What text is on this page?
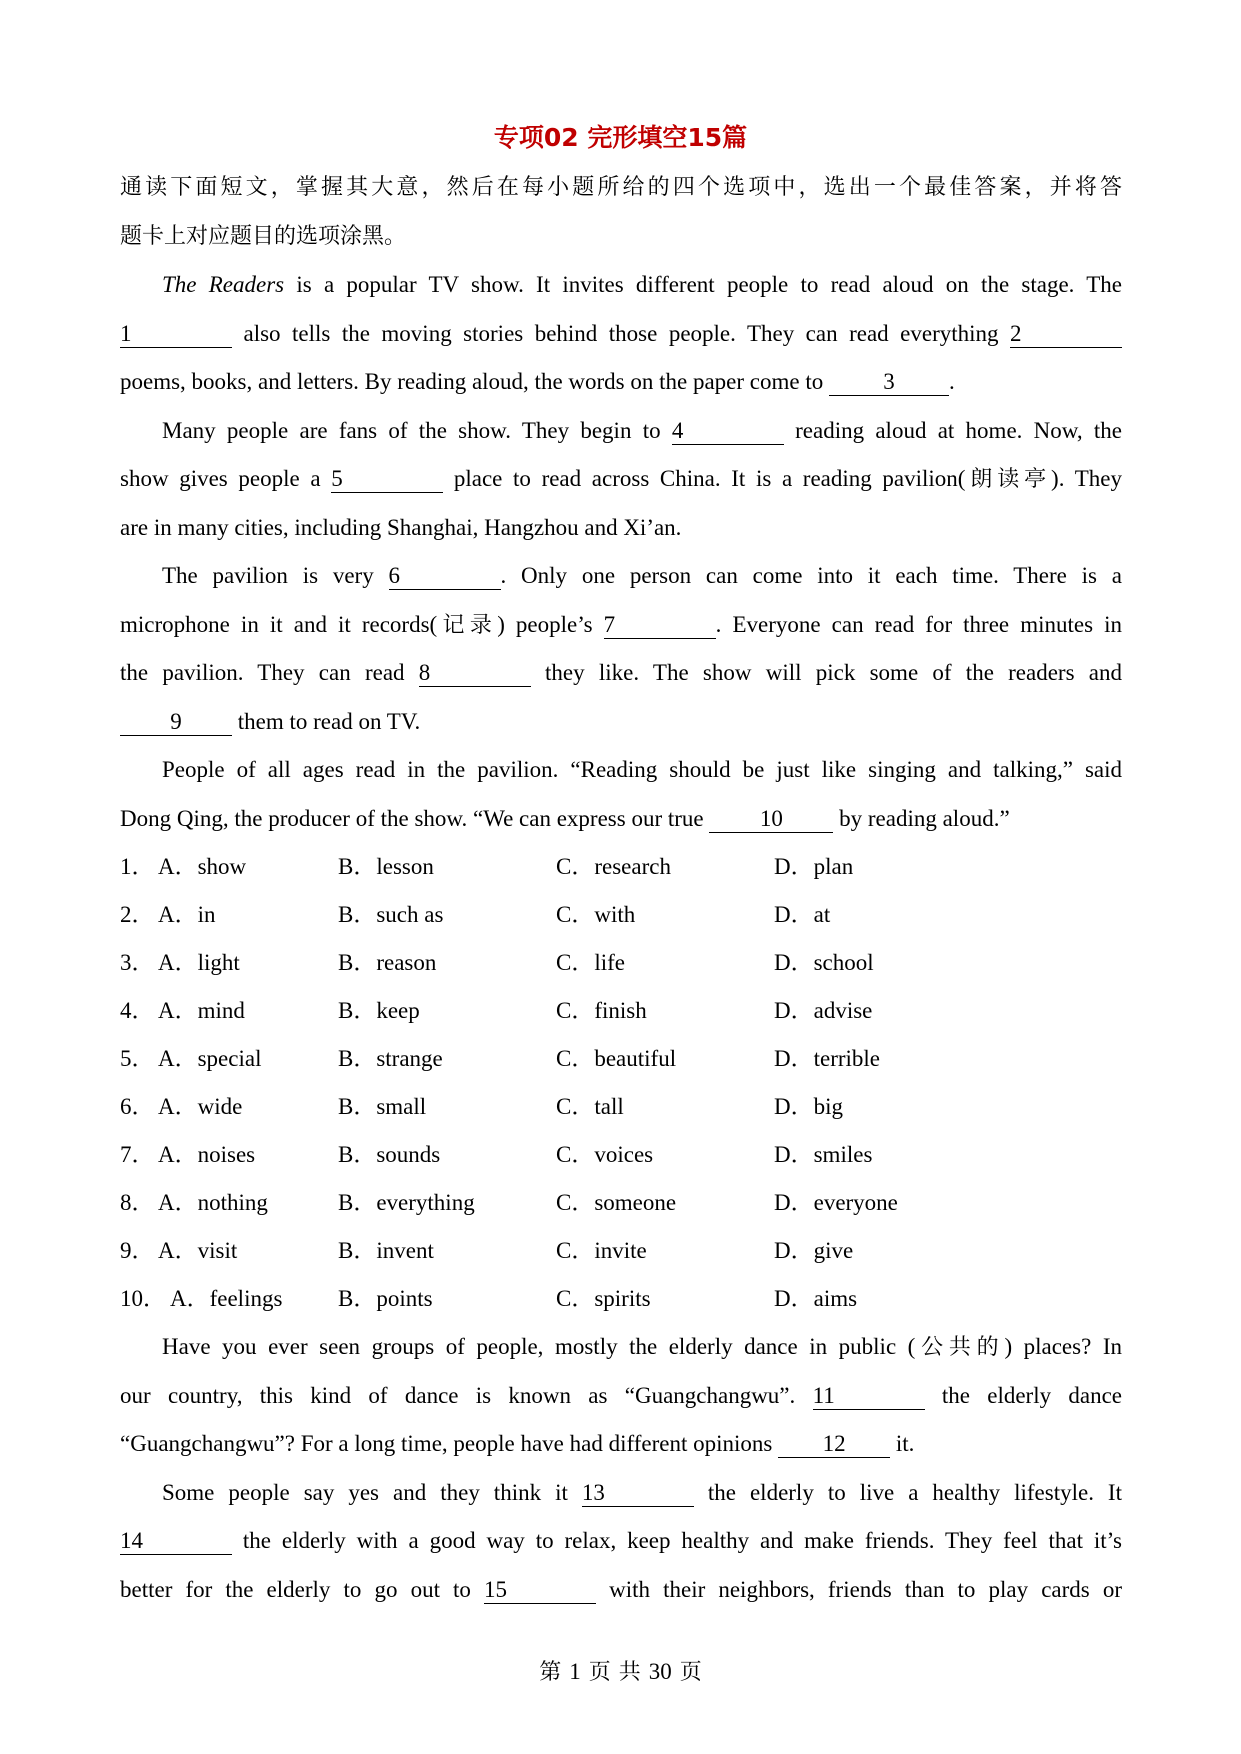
专项02 完形填空15篇
通读下面短文，掌握其大意，然后在每小题所给的四个选项中，选出一个最佳答案，并将答
题卡上对应题目的选项涂黑。
The Readers is a popular TV show. It invites different people to read aloud on the stage. The
1	also tells the moving stories behind those people. They can read everything 2
poems, books, and letters. By reading aloud, the words on the paper come to 3 .
Many people are fans of the show. They begin to 4	reading aloud at home. Now, the
show gives people a 5	place to read across China. It is a reading pavilion(朗读亭). They
are in many cities, including Shanghai, Hangzhou and Xi’an.
The pavilion is very 6	. Only one person can come into it each time. There is a
microphone in it and it records(记录) people’s 7	. Everyone can read for three minutes in
the pavilion. They can read 8	they like. The show will pick some of the readers and
9 them to read on TV.
People of all ages read in the pavilion. “Reading should be just like singing and talking,” said
Dong Qing, the producer of the show. “We can express our true 10 by reading aloud.”
1． A．show	B．lesson	C．research	D．plan
2． A．in	B．such as	C．with	D．at
3． A．light	B．reason	C．life	D．school
4． A．mind	B．keep	C．finish	D．advise
5． A．special	B．strange	C．beautiful	D．terrible
6． A．wide	B．small	C．tall	D．big
7． A．noises	B．sounds	C．voices	D．smiles
8． A．nothing	B．everything	C．someone	D．everyone
9． A．visit	B．invent	C．invite	D．give
10． A．feelings	B．points	C．spirits	D．aims
Have you ever seen groups of people, mostly the elderly dance in public (公共的) places? In
our country, this kind of dance is known as “Guangchangwu”. 11	the elderly dance
“Guangchangwu”? For a long time, people have had different opinions 12 it.
Some people say yes and they think it 13	the elderly to live a healthy lifestyle. It
14	the elderly with a good way to relax, keep healthy and make friends. They feel that it’s
better for the elderly to go out to 15	with their neighbors, friends than to play cards or
第 1 页 共 30 页
